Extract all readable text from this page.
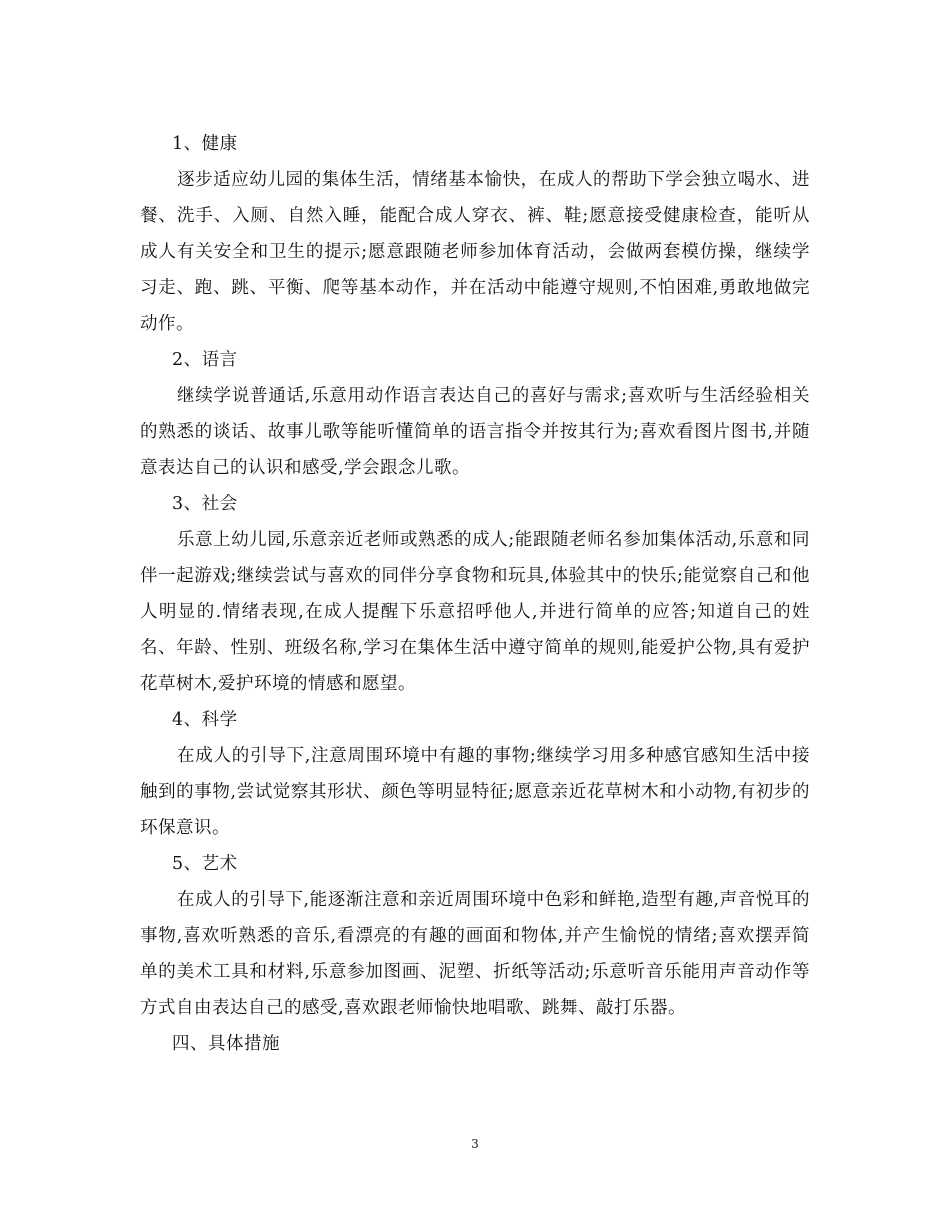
1、健康

逐步适应幼儿园的集体生活，情绪基本愉快，在成人的帮助下学会独立喝水、进餐、洗手、入厕、自然入睡，能配合成人穿衣、裤、鞋;愿意接受健康检查，能听从成人有关安全和卫生的提示;愿意跟随老师参加体育活动，会做两套模仿操，继续学习走、跑、跳、平衡、爬等基本动作，并在活动中能遵守规则,不怕困难,勇敢地做完动作。

2、语言

继续学说普通话,乐意用动作语言表达自己的喜好与需求;喜欢听与生活经验相关的熟悉的谈话、故事儿歌等能听懂简单的语言指令并按其行为;喜欢看图片图书,并随意表达自己的认识和感受,学会跟念儿歌。

3、社会

乐意上幼儿园,乐意亲近老师或熟悉的成人;能跟随老师名参加集体活动,乐意和同伴一起游戏;继续尝试与喜欢的同伴分享食物和玩具,体验其中的快乐;能觉察自己和他人明显的.情绪表现,在成人提醒下乐意招呼他人,并进行简单的应答;知道自己的姓名、年龄、性别、班级名称,学习在集体生活中遵守简单的规则,能爱护公物,具有爱护花草树木,爱护环境的情感和愿望。

4、科学

在成人的引导下,注意周围环境中有趣的事物;继续学习用多种感官感知生活中接触到的事物,尝试觉察其形状、颜色等明显特征;愿意亲近花草树木和小动物,有初步的环保意识。

5、艺术

在成人的引导下,能逐渐注意和亲近周围环境中色彩和鲜艳,造型有趣,声音悦耳的事物,喜欢听熟悉的音乐,看漂亮的有趣的画面和物体,并产生愉悦的情绪;喜欢摆弄简单的美术工具和材料,乐意参加图画、泥塑、折纸等活动;乐意听音乐能用声音动作等方式自由表达自己的感受,喜欢跟老师愉快地唱歌、跳舞、敲打乐器。

四、具体措施

3
